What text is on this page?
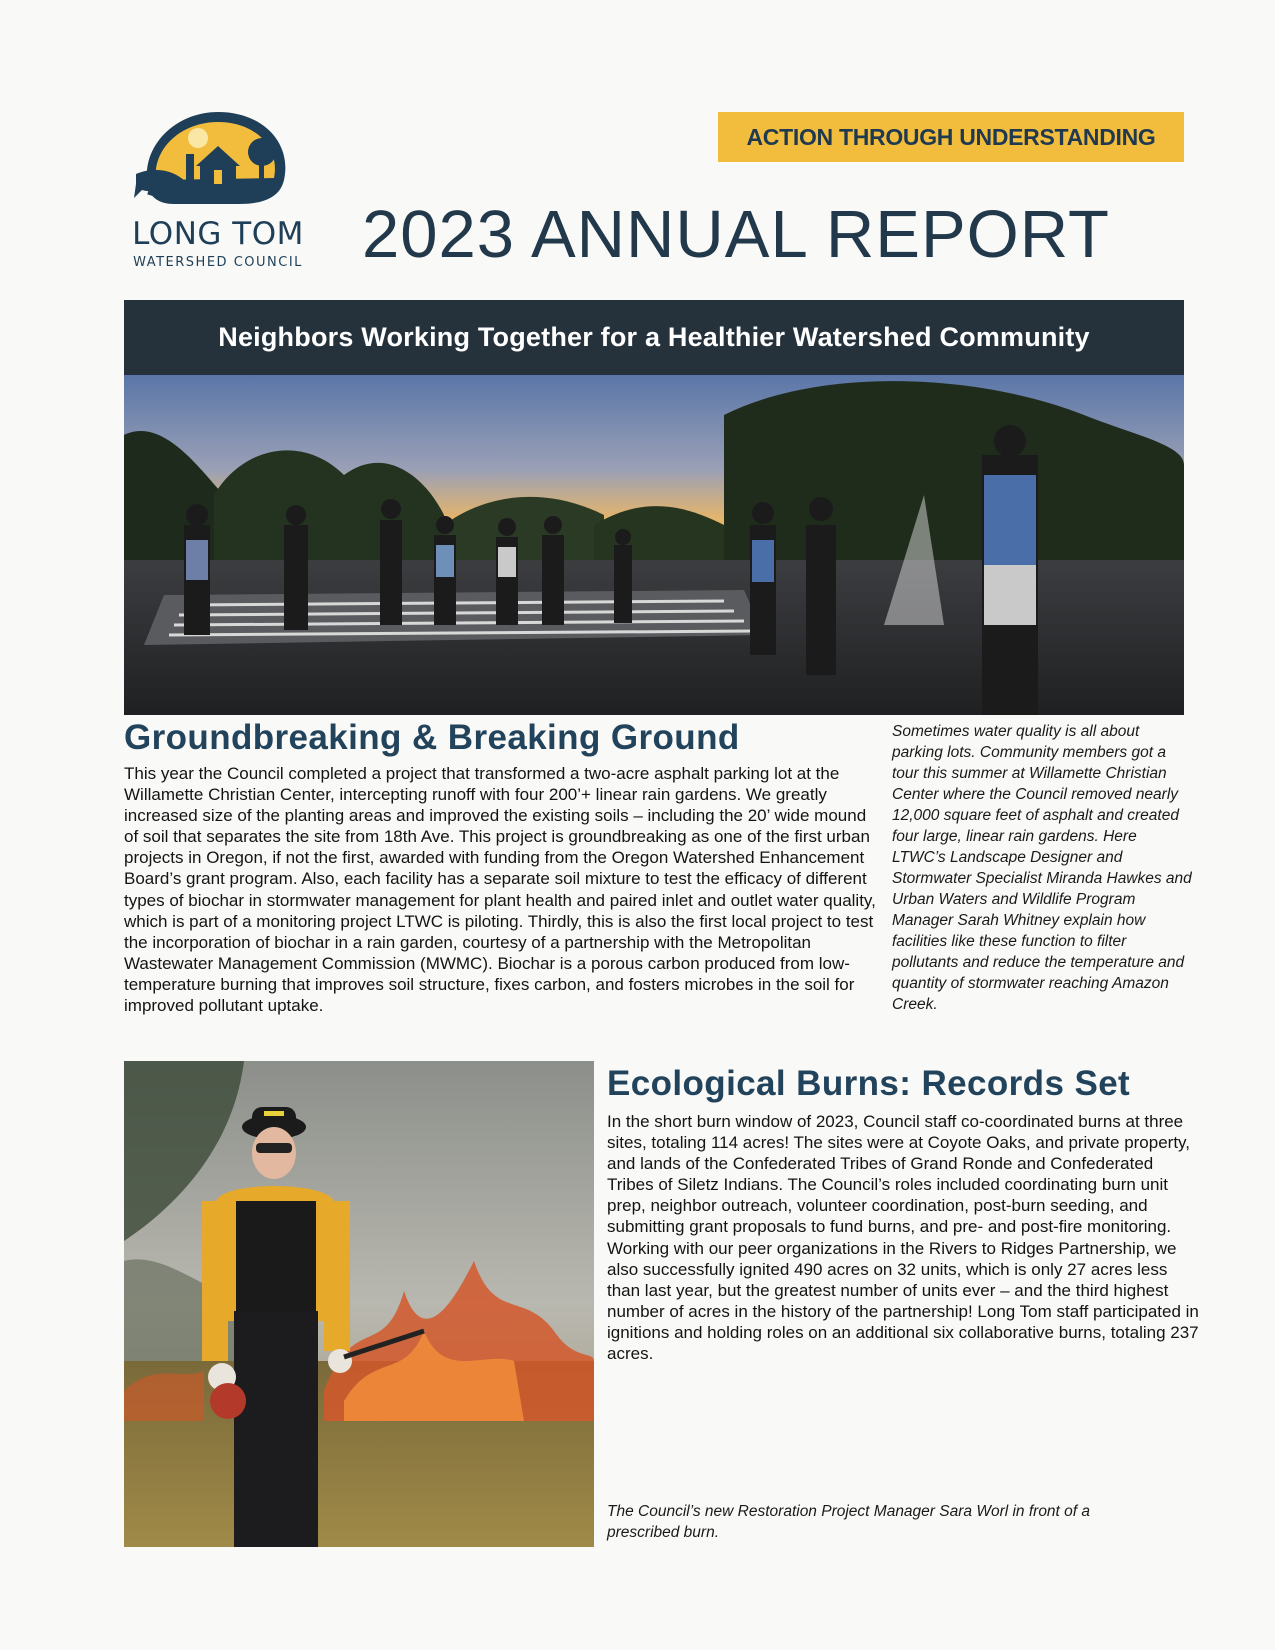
LONG TOM
WATERSHED COUNCIL
ACTION THROUGH UNDERSTANDING
2023 ANNUAL REPORT
Neighbors Working Together for a Healthier Watershed Community
Groundbreaking & Breaking Ground
This year the Council completed a project that transformed a two-acre asphalt parking lot at the Willamette Christian Center, intercepting runoff with four 200’+ linear rain gardens. We greatly increased size of the planting areas and improved the existing soils – including the 20’ wide mound of soil that separates the site from 18th Ave. This project is groundbreaking as one of the first urban projects in Oregon, if not the first, awarded with funding from the Oregon Watershed Enhancement Board’s grant program. Also, each facility has a separate soil mixture to test the efficacy of different types of biochar in stormwater management for plant health and paired inlet and outlet water quality, which is part of a monitoring project LTWC is piloting. Thirdly, this is also the first local project to test the incorporation of biochar in a rain garden, courtesy of a partnership with the Metropolitan Wastewater Management Commission (MWMC). Biochar is a porous carbon produced from low-temperature burning that improves soil structure, fixes carbon, and fosters microbes in the soil for improved pollutant uptake.
Sometimes water quality is all about parking lots. Community members got a tour this summer at Willamette Christian Center where the Council removed nearly 12,000 square feet of asphalt and created four large, linear rain gardens. Here LTWC’s Landscape Designer and Stormwater Specialist Miranda Hawkes and Urban Waters and Wildlife Program Manager Sarah Whitney explain how facilities like these function to filter pollutants and reduce the temperature and quantity of stormwater reaching Amazon Creek.
Ecological Burns: Records Set
In the short burn window of 2023, Council staff co-coordinated burns at three sites, totaling 114 acres! The sites were at Coyote Oaks, and private property, and lands of the Confederated Tribes of Grand Ronde and Confederated Tribes of Siletz Indians. The Council’s roles included coordinating burn unit prep, neighbor outreach, volunteer coordination, post-burn seeding, and submitting grant proposals to fund burns, and pre- and post-fire monitoring. Working with our peer organizations in the Rivers to Ridges Partnership, we also successfully ignited 490 acres on 32 units, which is only 27 acres less than last year, but the greatest number of units ever – and the third highest number of acres in the history of the partnership! Long Tom staff participated in ignitions and holding roles on an additional six collaborative burns, totaling 237 acres.
The Council’s new Restoration Project Manager Sara Worl in front of a prescribed burn.
